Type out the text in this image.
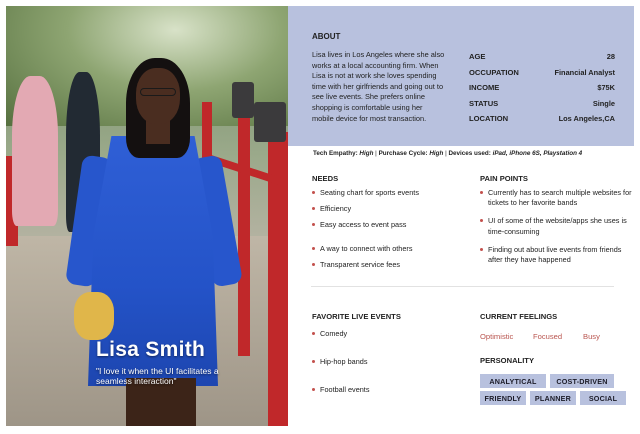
Lisa Smith
"I love it when the UI facilitates a seamless interaction"
ABOUT
Lisa lives in Los Angeles where she also works at a local accounting firm. When Lisa is not at work she loves spending time with her girlfriends and going out to see live events. She prefers online shopping is comfortable using her mobile device for most transaction.
AGE	28
OCCUPATION	Financial Analyst
INCOME	$75K
STATUS	Single
LOCATION	Los Angeles,CA
Tech Empathy: High | Purchase Cycle: High | Devices used: iPad, iPhone 6S, Playstation 4
NEEDS
Seating chart for sports events
Efficiency
Easy access to event pass
A way to connect with others
Transparent service fees
PAIN POINTS
Currently has to search multiple websites for tickets to her favorite bands
UI of some of the website/apps she uses is time-consuming
Finding out about live events from friends after they have happened
FAVORITE LIVE EVENTS
Comedy
Hip-hop bands
Football events
CURRENT FEELINGS
Optimistic	Focused	Busy
PERSONALITY
ANALYTICAL	COST-DRIVEN
FRIENDLY	PLANNER	SOCIAL
